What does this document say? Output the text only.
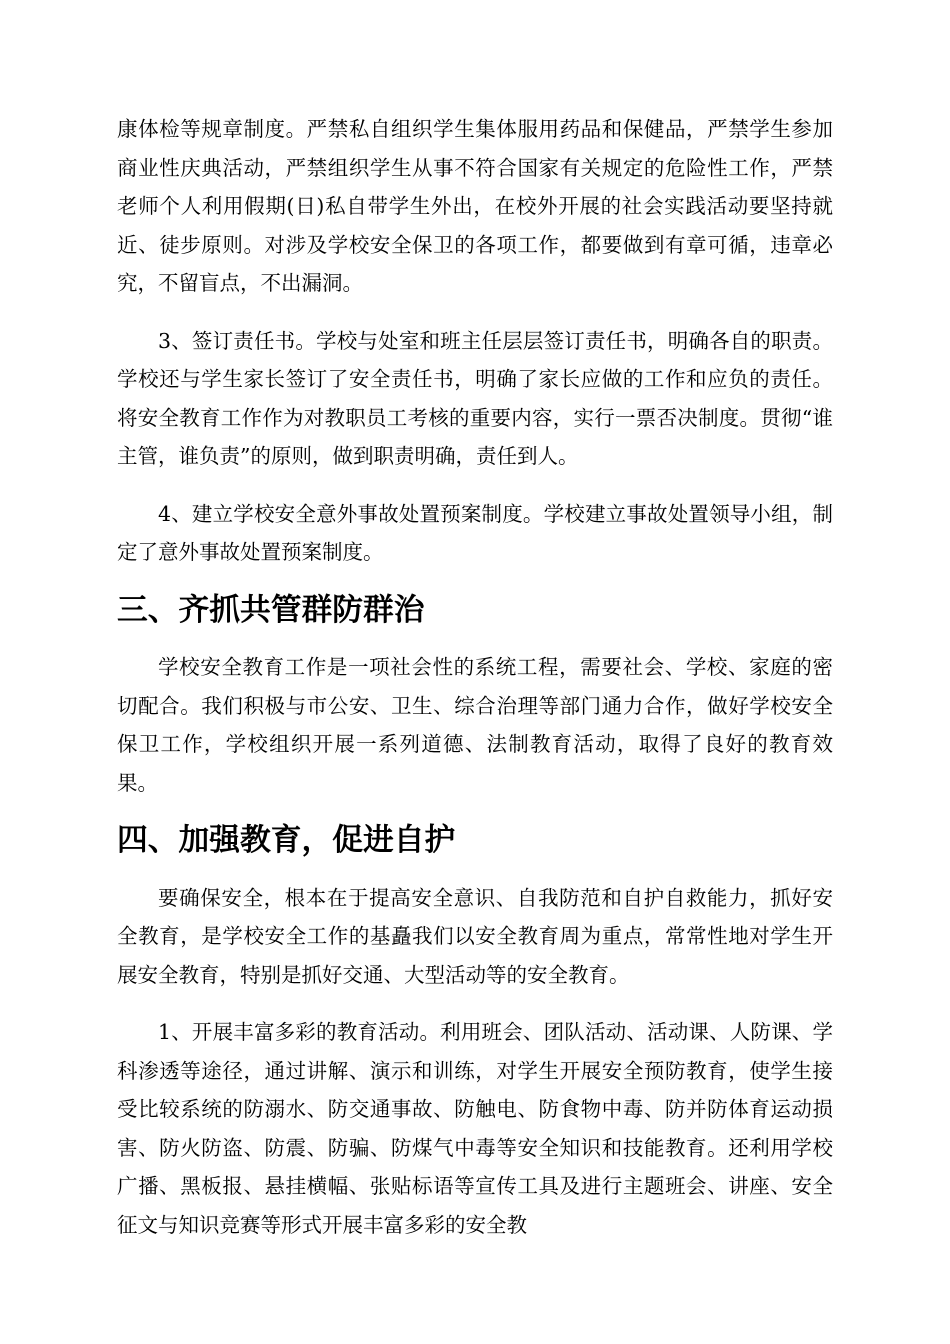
康体检等规章制度。严禁私自组织学生集体服用药品和保健品，严禁学生参加商业性庆典活动，严禁组织学生从事不符合国家有关规定的危险性工作，严禁老师个人利用假期(日)私自带学生外出，在校外开展的社会实践活动要坚持就近、徒步原则。对涉及学校安全保卫的各项工作，都要做到有章可循，违章必究，不留盲点，不出漏洞。

3、签订责任书。学校与处室和班主任层层签订责任书，明确各自的职责。学校还与学生家长签订了安全责任书，明确了家长应做的工作和应负的责任。将安全教育工作作为对教职员工考核的重要内容，实行一票否决制度。贯彻“谁主管，谁负责”的原则，做到职责明确，责任到人。

4、建立学校安全意外事故处置预案制度。学校建立事故处置领导小组，制定了意外事故处置预案制度。

三、齐抓共管群防群治

学校安全教育工作是一项社会性的系统工程，需要社会、学校、家庭的密切配合。我们积极与市公安、卫生、综合治理等部门通力合作，做好学校安全保卫工作，学校组织开展一系列道德、法制教育活动，取得了良好的教育效果。

四、加强教育，促进自护

要确保安全，根本在于提高安全意识、自我防范和自护自救能力，抓好安全教育，是学校安全工作的基矗我们以安全教育周为重点，常常性地对学生开展安全教育，特别是抓好交通、大型活动等的安全教育。

1、开展丰富多彩的教育活动。利用班会、团队活动、活动课、人防课、学科渗透等途径，通过讲解、演示和训练，对学生开展安全预防教育，使学生接受比较系统的防溺水、防交通事故、防触电、防食物中毒、防并防体育运动损害、防火防盗、防震、防骗、防煤气中毒等安全知识和技能教育。还利用学校广播、黑板报、悬挂横幅、张贴标语等宣传工具及进行主题班会、讲座、安全征文与知识竞赛等形式开展丰富多彩的安全教
